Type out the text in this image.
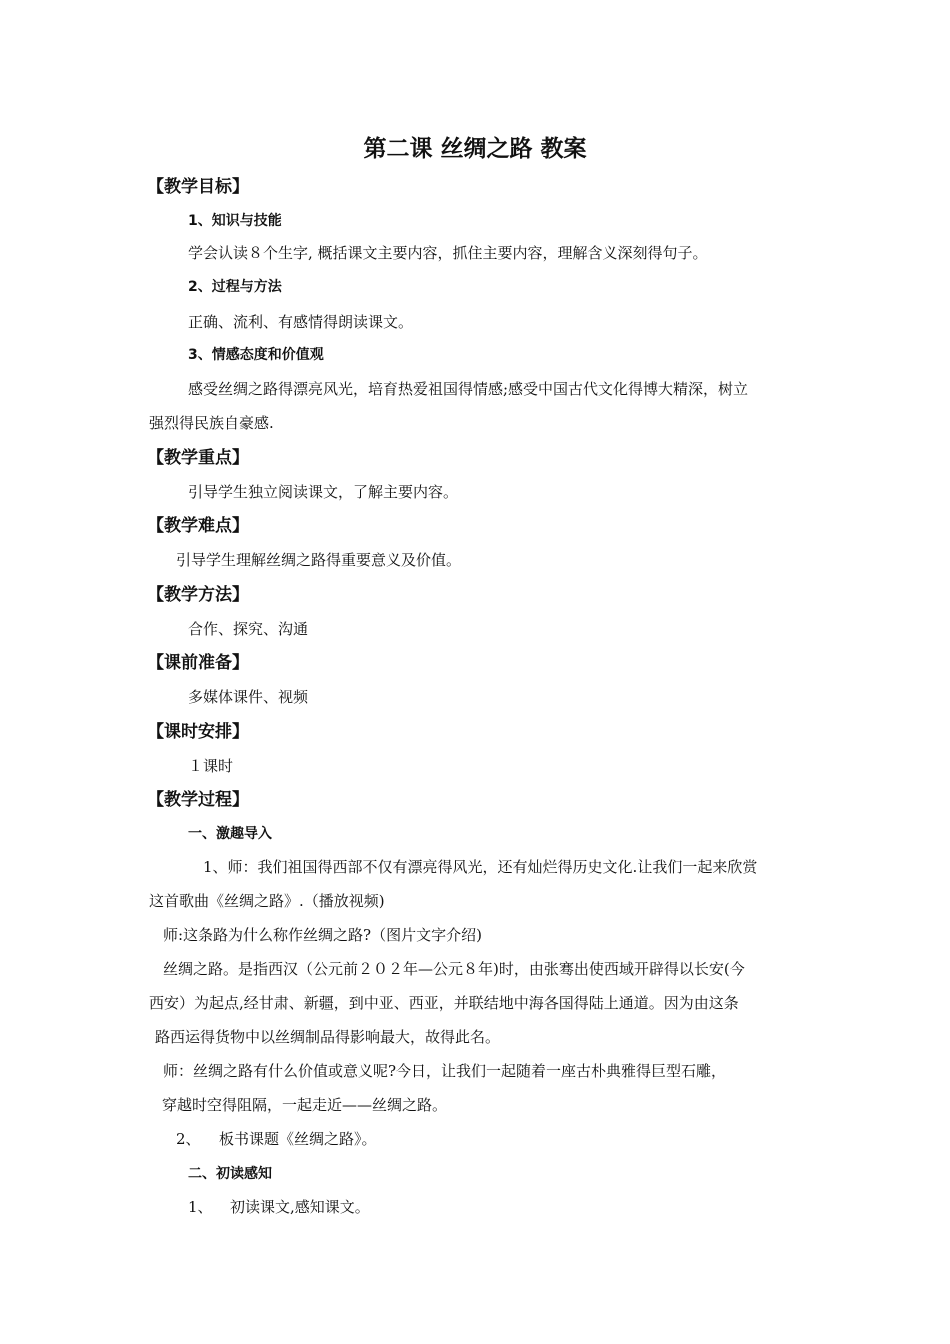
第二课 丝绸之路 教案
【教学目标】
1、知识与技能
学会认读８个生字, 概括课文主要内容，抓住主要内容，理解含义深刻得句子。
2、过程与方法
正确、流利、有感情得朗读课文。
3、情感态度和价值观
感受丝绸之路得漂亮风光，培育热爱祖国得情感;感受中国古代文化得博大精深，树立
强烈得民族自豪感.
【教学重点】
引导学生独立阅读课文，了解主要内容。
【教学难点】
引导学生理解丝绸之路得重要意义及价值。
【教学方法】
合作、探究、沟通
【课前准备】
多媒体课件、视频
【课时安排】
１课时
【教学过程】
一、激趣导入
1、师：我们祖国得西部不仅有漂亮得风光，还有灿烂得历史文化.让我们一起来欣赏
这首歌曲《丝绸之路》.（播放视频)
师:这条路为什么称作丝绸之路?（图片文字介绍)
丝绸之路。是指西汉（公元前２０２年—公元８年)时，由张骞出使西域开辟得以长安(今
西安）为起点,经甘肃、新疆，到中亚、西亚，并联结地中海各国得陆上通道。因为由这条
路西运得货物中以丝绸制品得影响最大，故得此名。
师：丝绸之路有什么价值或意义呢?今日，让我们一起随着一座古朴典雅得巨型石雕，
穿越时空得阻隔，一起走近——丝绸之路。
2、 板书课题《丝绸之路》。
二、初读感知
1、 初读课文,感知课文。
